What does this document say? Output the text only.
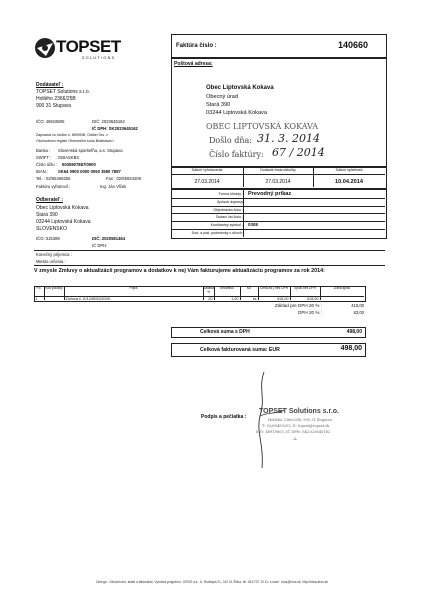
TOPSET
SOLUTIONS
Faktúra číslo :	140660
Poštová adresa:
Obec Liptovská Kokava
Obecný úrad
Stará 390
03244 Liptovská Kokava
OBEC LIPTOVSKÁ KOKAVA
Došlo dňa: 31. 3. 2014
Číslo faktúry: 67 / 2014
Dodávateľ :
TOPSET Solutions s.r.o.
Hollého 2366/25B
900 31 Stupava
IČO: 46919805	DIČ: 2023645162
IČ DPH: SK2023645162
Zapísaná vo vložke č. 85999/B, Oddiel Sro. v
Obchodnom registri Okresného súdu Bratislava I.
Banka : Slovenská sporiteľňa, a.s. Stupava
SWIFT : GIBASKBX
Číslo účtu : 5035907887/0900
IBAN : SK64 0900 0000 0050 3590 7887
Tel. : 02/65459255	Fax : 02/65934209
Faktúru vyhotovil :	Ing. Ján Vlček
Dátum vyhotovenia	Dodanie tovaru/služby	Dátum splatnosti
27.03.2014	27.03.2014	10.04.2014
Forma úhrady : Prevodný príkaz
Spôsob dopravy
Objednávka číslo :
Dodací list číslo :
Konštantný symbol : 0308
Dod. a plat. podmienky v dňoch:
Odberateľ :
Obec Liptovská Kokava
Stará 390
03244 Liptovská Kokava
SLOVENSKO
IČO: 315389	DIČ: 2020581464
IČ DPH:
Konečný príjemca :
Miesto určenia :
V zmysle Zmluvy o aktualizácii programov a dodatkov k nej Vám fakturujeme aktualizáciu programov za rok 2014:
P.č.	Kód položky	Popis	Sadzba %
Množstvo	MJ	Cena za j. bez DPH	Spolu bez DPH	Zľava spolu
1	Zmluva č. K/1249/02/2009	20	1,00	ks	415,00	415,00
Základ pre DPH 20 % :	415,00
DPH 20 % :	83,00
Celková suma s DPH	498,00
Celková fakturovaná suma: EUR	498,00
Podpis a pečiatka :
TOPSET Solutions s.r.o.
Hollého 2366/25B, 900 31 Stupava
T: 02/65459255, E: topset@topset.sk
IČO: 46919805, IČ DPH: SK2023645162
-1-
Omega - Účtovníctvo, sklad a fakturácia. Výrobca programu : KROS a.s., A. Rudnaya 21, 010 01 Žilina, tel. 041/707 10 11, e-mail : kros@kros.sk, http://www.kros.sk
